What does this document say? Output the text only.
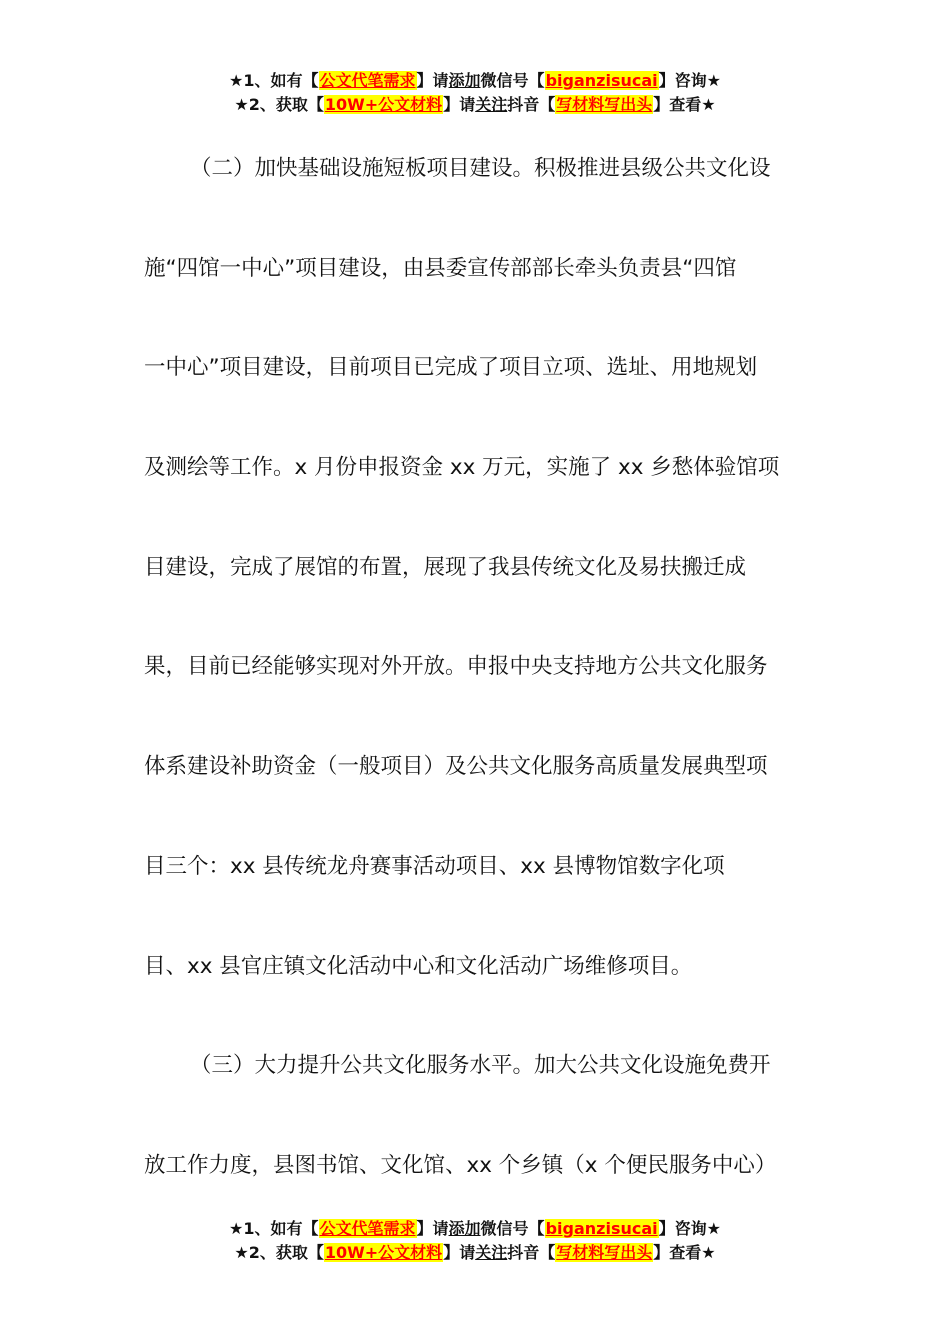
★1、如有【公文代笔需求】请添加微信号【biganzisucai】咨询★
★2、获取【10W+公文材料】请关注抖音【写材料写出头】查看★
（二）加快基础设施短板项目建设。积极推进县级公共文化设
施“四馆一中心”项目建设，由县委宣传部部长牵头负责县“四馆
一中心”项目建设，目前项目已完成了项目立项、选址、用地规划
及测绘等工作。x 月份申报资金 xx 万元，实施了 xx 乡愁体验馆项
目建设，完成了展馆的布置，展现了我县传统文化及易扶搬迁成
果，目前已经能够实现对外开放。申报中央支持地方公共文化服务
体系建设补助资金（一般项目）及公共文化服务高质量发展典型项
目三个：xx 县传统龙舟赛事活动项目、xx 县博物馆数字化项
目、xx 县官庄镇文化活动中心和文化活动广场维修项目。
（三）大力提升公共文化服务水平。加大公共文化设施免费开
放工作力度，县图书馆、文化馆、xx 个乡镇（x 个便民服务中心）
★1、如有【公文代笔需求】请添加微信号【biganzisucai】咨询★
★2、获取【10W+公文材料】请关注抖音【写材料写出头】查看★
